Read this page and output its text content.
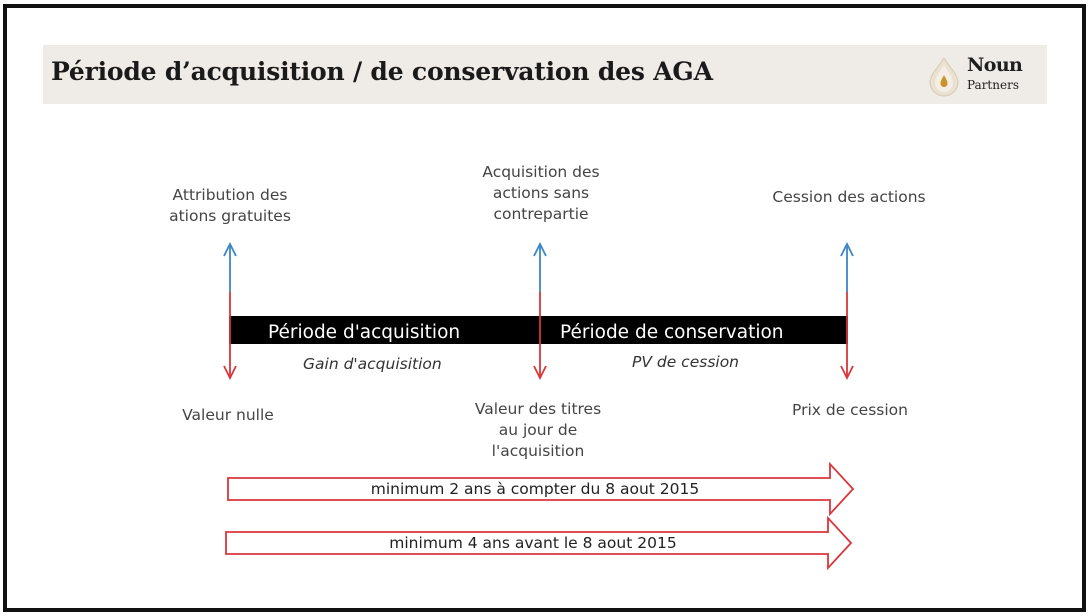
Période d’acquisition / de conservation des AGA	Noun
Partners
Attribution des
ations gratuites
Acquisition des
actions sans
contrepartie
Cession des actions
Période d'acquisition	Période de conservation
Gain d'acquisition	PV de cession
Valeur nulle	Valeur des titres
au jour de
l'acquisition
Prix de cession
minimum 2 ans à compter du 8 aout 2015
minimum 4 ans avant le 8 aout 2015
